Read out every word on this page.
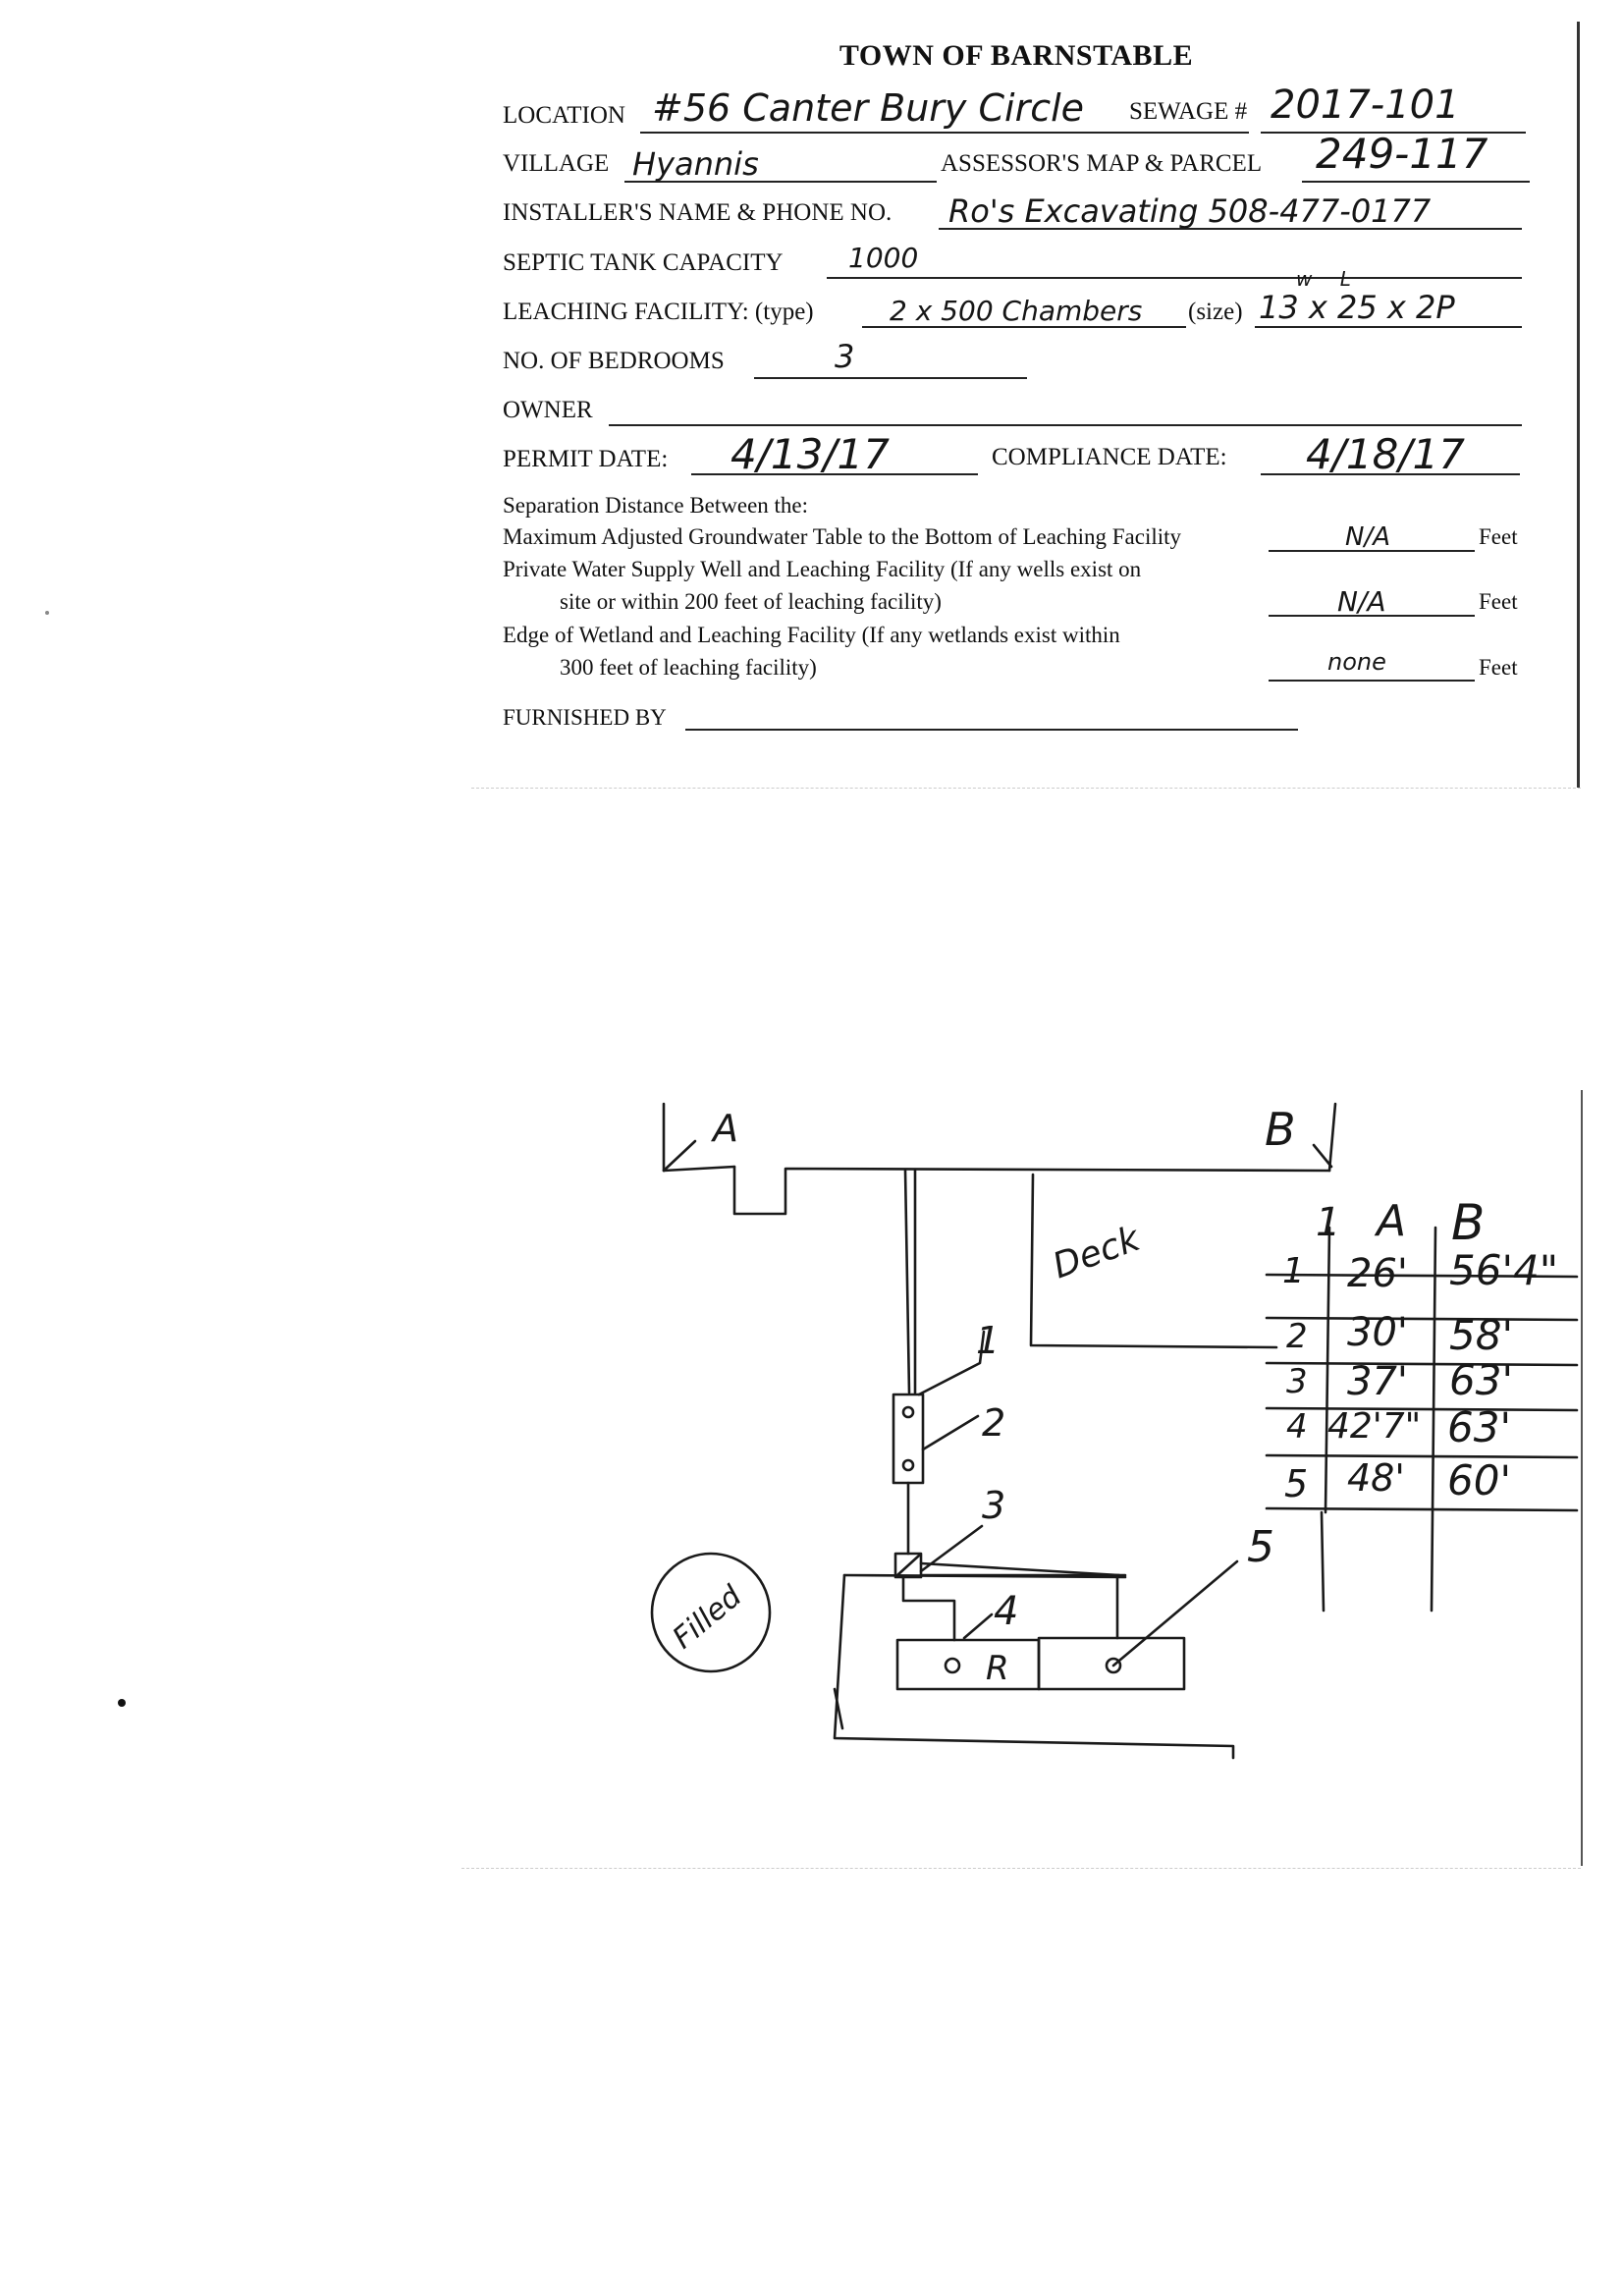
TOWN OF BARNSTABLE
LOCATION #56 Canter Bury Circle SEWAGE # 2017-101
VILLAGE Hyannis	ASSESSOR'S MAP & PARCEL 249-117
INSTALLER'S NAME & PHONE NO. Ro's Excavating 508-477-0177
SEPTIC TANK CAPACITY 1000
LEACHING FACILITY: (type)	2 x 500 Chambers (size) 13 x 25 x 2P
w L
NO. OF BEDROOMS	3
OWNER
PERMIT DATE: 4/13/17	COMPLIANCE DATE: 4/18/17
Separation Distance Between the:
Maximum Adjusted Groundwater Table to the Bottom of Leaching Facility	N/A	Feet
Private Water Supply Well and Leaching Facility (If any wells exist on
site or within 200 feet of leaching facility)	N/A	Feet
Edge of Wetland and Leaching Facility (If any wetlands exist within
300 feet of leaching facility)	none	Feet
FURNISHED BY
A	B
Deck
Filled
1
2
3
4
5
R
1 A B
1 26' 56'4"
2 30' 58'
3 37' 63'
4 42'7" 63'
5 48' 60'
